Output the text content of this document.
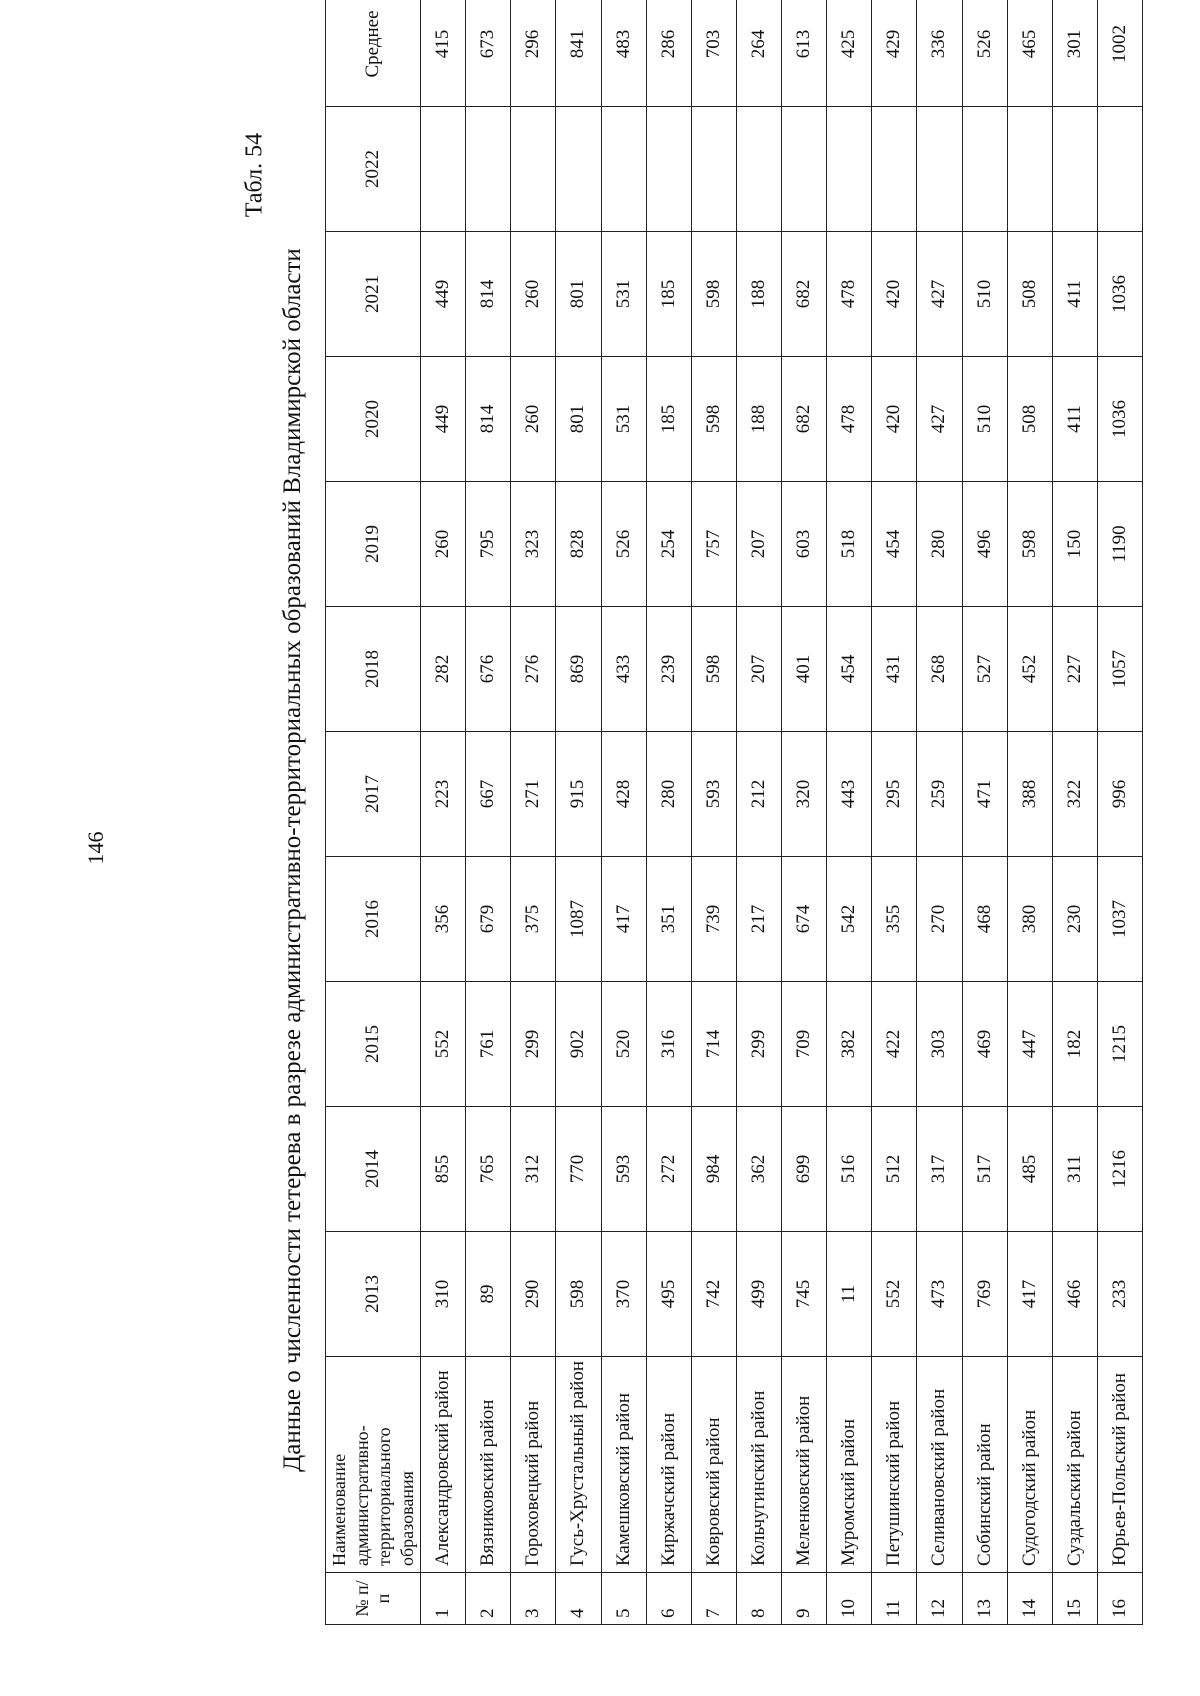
146
Табл. 54
Данные о численности тетерева в разрезе административно-территориальных образований Владимирской области
№ п/п	Наименование административно-территориального образования	2013	2014	2015	2016	2017	2018	2019	2020	2021	2022	Среднее
1	Александровский район	310	855	552	356	223	282	260	449	449		415
2	Вязниковский район	89	765	761	679	667	676	795	814	814		673
3	Гороховецкий район	290	312	299	375	271	276	323	260	260		296
4	Гусь-Хрустальный район	598	770	902	1087	915	869	828	801	801		841
5	Камешковский район	370	593	520	417	428	433	526	531	531		483
6	Киржачский район	495	272	316	351	280	239	254	185	185		286
7	Ковровский район	742	984	714	739	593	598	757	598	598		703
8	Кольчугинский район	499	362	299	217	212	207	207	188	188		264
9	Меленковский район	745	699	709	674	320	401	603	682	682		613
10	Муромский район	11	516	382	542	443	454	518	478	478		425
11	Петушинский район	552	512	422	355	295	431	454	420	420		429
12	Селивановский район	473	317	303	270	259	268	280	427	427		336
13	Собинский район	769	517	469	468	471	527	496	510	510		526
14	Судогодский район	417	485	447	380	388	452	598	508	508		465
15	Суздальский район	466	311	182	230	322	227	150	411	411		301
16	Юрьев-Польский район	233	1216	1215	1037	996	1057	1190	1036	1036		1002
